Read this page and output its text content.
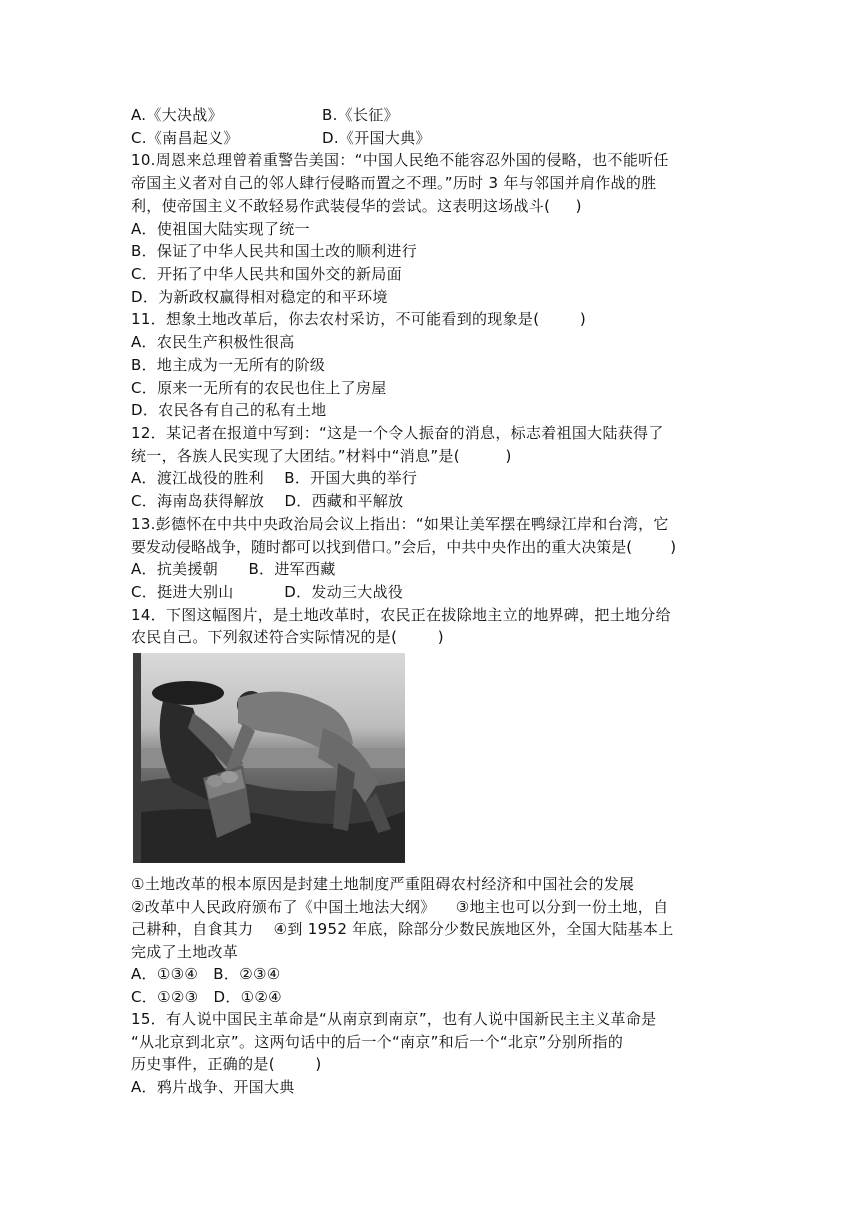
A.《大决战》	B.《长征》
C.《南昌起义》	D.《开国大典》
10.周恩来总理曾着重警告美国：“中国人民绝不能容忍外国的侵略，也不能听任
帝国主义者对自己的邻人肆行侵略而置之不理。”历时 3 年与邻国并肩作战的胜
利，使帝国主义不敢轻易作武装侵华的尝试。这表明这场战斗(     )
A．使祖国大陆实现了统一
B．保证了中华人民共和国土改的顺利进行
C．开拓了中华人民共和国外交的新局面
D．为新政权赢得相对稳定的和平环境
11．想象土地改革后，你去农村采访，不可能看到的现象是(        )
A．农民生产积极性很高
B．地主成为一无所有的阶级
C．原来一无所有的农民也住上了房屋
D．农民各有自己的私有土地
12．某记者在报道中写到：“这是一个令人振奋的消息，标志着祖国大陆获得了
统一，各族人民实现了大团结。”材料中“消息”是(         )
A．渡江战役的胜利    B．开国大典的举行
C．海南岛获得解放    D．西藏和平解放
13.彭德怀在中共中央政治局会议上指出：“如果让美军摆在鸭绿江岸和台湾，它
要发动侵略战争，随时都可以找到借口。”会后，中共中央作出的重大决策是(        )
A．抗美援朝      B．进军西藏
C．挺进大别山          D．发动三大战役
14．下图这幅图片，是土地改革时，农民正在拔除地主立的地界碑，把土地分给
农民自己。下列叙述符合实际情况的是(        )
①土地改革的根本原因是封建土地制度严重阻碍农村经济和中国社会的发展
②改革中人民政府颁布了《中国土地法大纲》    ③地主也可以分到一份土地，自
己耕种，自食其力    ④到 1952 年底，除部分少数民族地区外，全国大陆基本上
完成了土地改革
A．①③④   B．②③④
C．①②③   D．①②④
15．有人说中国民主革命是“从南京到南京”，也有人说中国新民主主义革命是
“从北京到北京”。这两句话中的后一个“南京”和后一个“北京”分别所指的
历史事件，正确的是(        )
A．鸦片战争、开国大典
